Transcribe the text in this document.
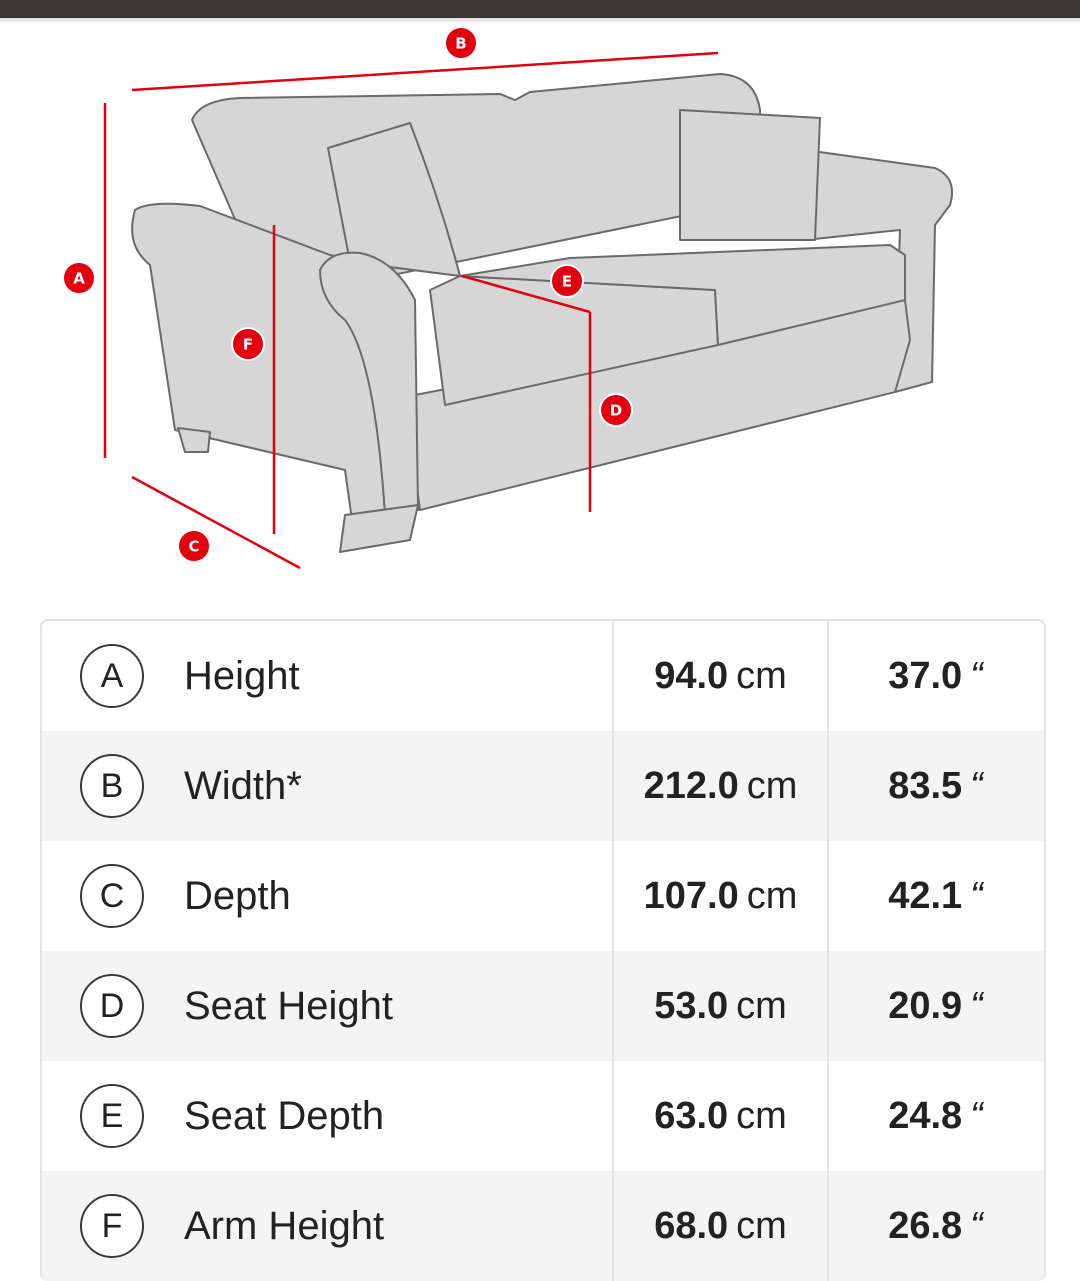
A
B
C
D
E
F
A	Height	94.0 cm	37.0 “
B	Width*	212.0 cm 83.5 “
C	Depth	107.0 cm 42.1 “
D	Seat Height	53.0 cm	20.9 “
E	Seat Depth	63.0 cm	24.8 “
F	Arm Height	68.0 cm	26.8 “
